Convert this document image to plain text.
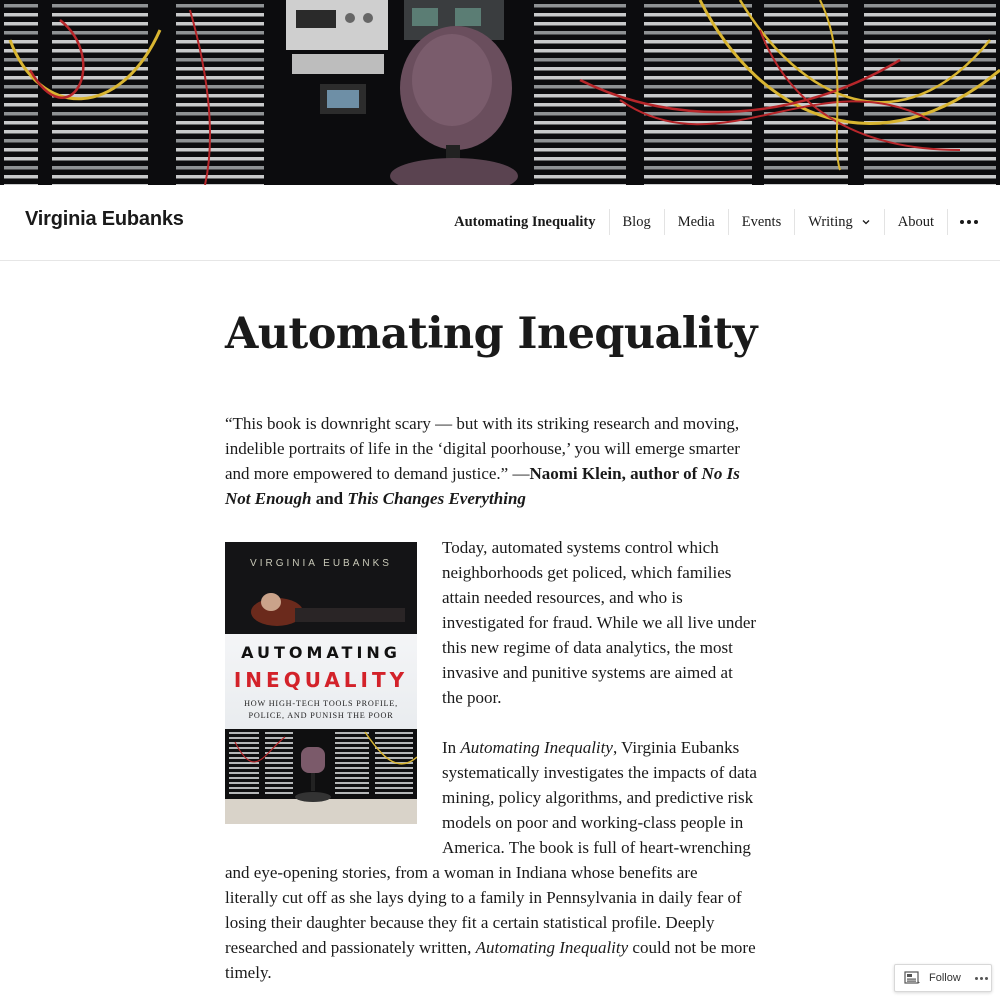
Virginia Eubanks	Automating Inequality	Blog	Media	Events	Writing	About
Automating Inequality
“This book is downright scary — but with its striking research and moving,
indelible portraits of life in the ‘digital poorhouse,’ you will emerge smarter
and more empowered to demand justice.” —Naomi Klein, author of No Is
Not Enough and This Changes Everything
VIRGINIA EUBANKS
AUTOMATING
INEQUALITY
HOW HIGH-TECH TOOLS PROFILE,
POLICE, AND PUNISH THE POOR
Today, automated systems control which
neighborhoods get policed, which families
attain needed resources, and who is
investigated for fraud. While we all live under
this new regime of data analytics, the most
invasive and punitive systems are aimed at
the poor.
In Automating Inequality, Virginia Eubanks
systematically investigates the impacts of data
mining, policy algorithms, and predictive risk
models on poor and working-class people in
America. The book is full of heart-wrenching
and eye-opening stories, from a woman in Indiana whose benefits are
literally cut off as she lays dying to a family in Pennsylvania in daily fear of
losing their daughter because they fit a certain statistical profile. Deeply
researched and passionately written, Automating Inequality could not be more
timely.	Follow
